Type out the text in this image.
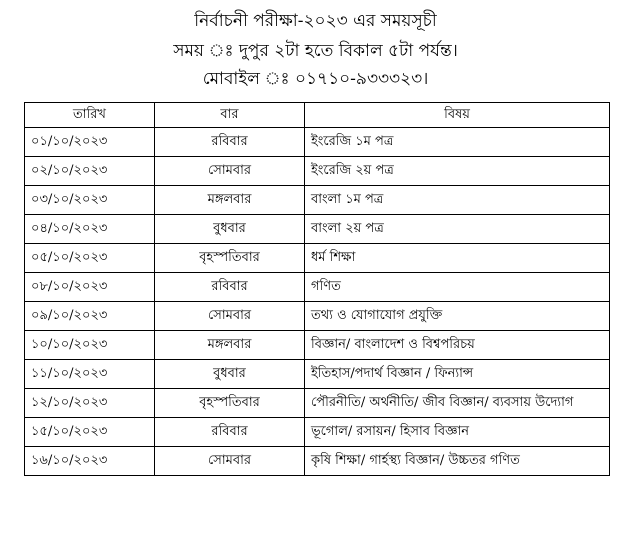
নির্বাচনী পরীক্ষা-২০২৩ এর সময়সূচী
সময় ঃ দুপুর ২টা হতে বিকাল ৫টা পর্যন্ত।
মোবাইল ঃ ০১৭১০-৯৩৩৩২৩।
তারিখ	বার	বিষয়
০১/১০/২০২৩	রবিবার	ইংরেজি ১ম পত্র
০২/১০/২০২৩	সোমবার	ইংরেজি ২য় পত্র
০৩/১০/২০২৩	মঙ্গলবার	বাংলা ১ম পত্র
০৪/১০/২০২৩	বুধবার	বাংলা ২য় পত্র
০৫/১০/২০২৩	বৃহস্পতিবার	ধর্ম শিক্ষা
০৮/১০/২০২৩	রবিবার	গণিত
০৯/১০/২০২৩	সোমবার	তথ্য ও যোগাযোগ প্রযুক্তি
১০/১০/২০২৩	মঙ্গলবার	বিজ্ঞান/ বাংলাদেশ ও বিশ্বপরিচয়
১১/১০/২০২৩	বুধবার	ইতিহাস/পদার্থ বিজ্ঞান / ফিন্যান্স
১২/১০/২০২৩	বৃহস্পতিবার	পৌরনীতি/ অর্থনীতি/ জীব বিজ্ঞান/ ব্যবসায় উদ্যোগ
১৫/১০/২০২৩	রবিবার	ভূগোল/ রসায়ন/ হিসাব বিজ্ঞান
১৬/১০/২০২৩	সোমবার	কৃষি শিক্ষা/ গার্হস্থ্য বিজ্ঞান/ উচ্চতর গণিত
